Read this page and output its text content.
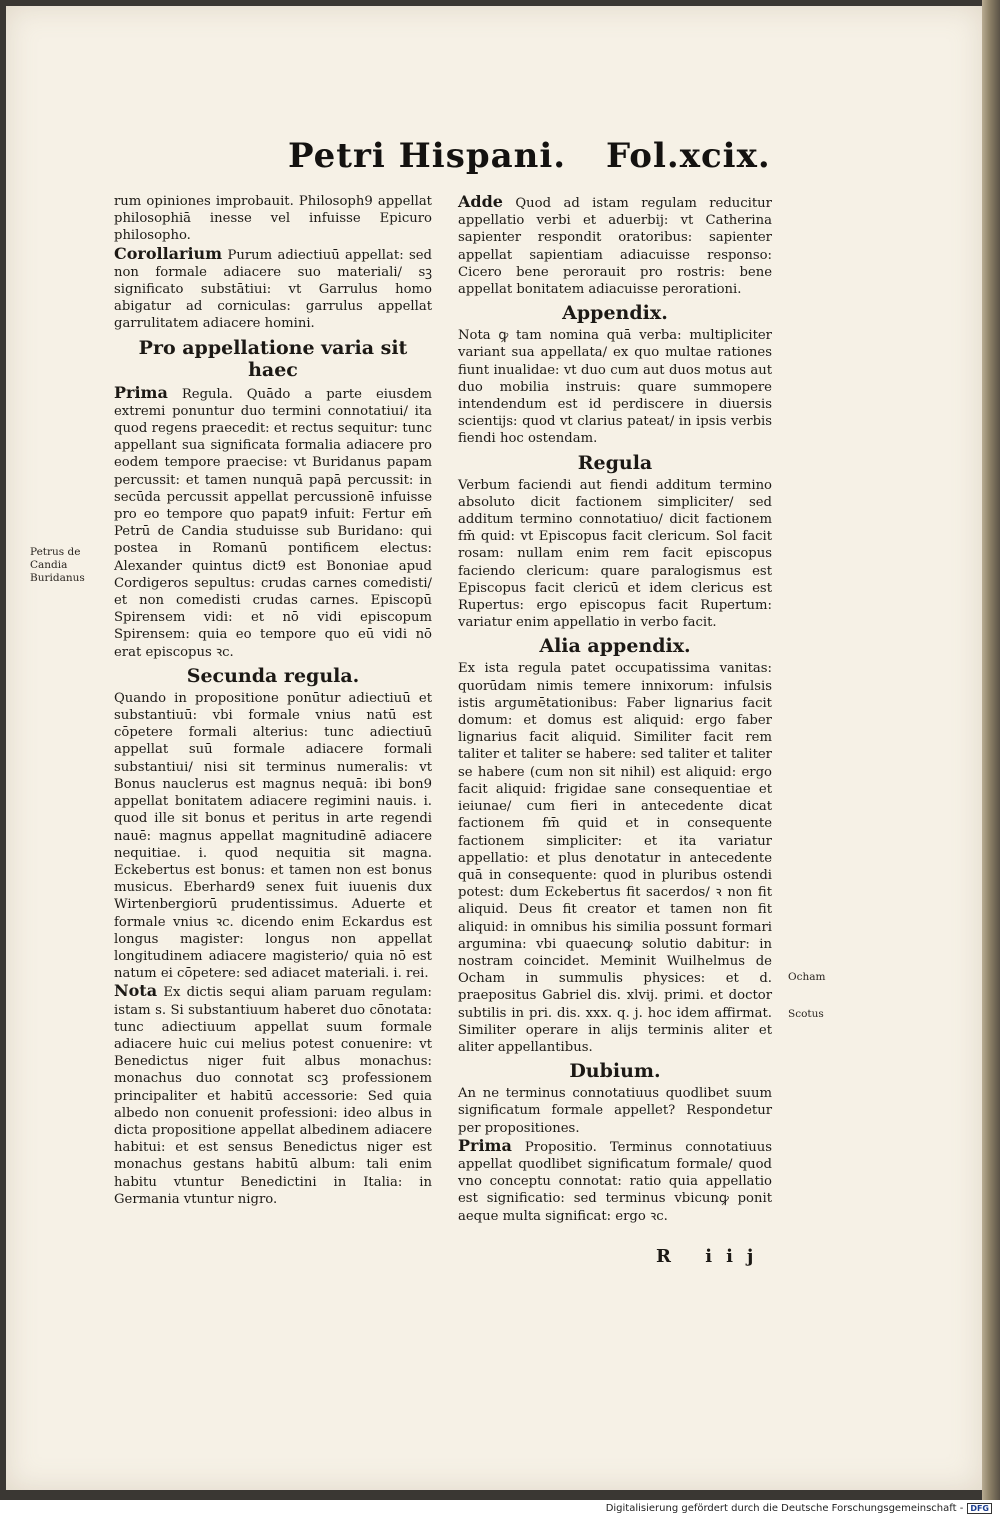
Petri Hispani. Fol.xcix.

rum opiniones improbauit. Philosoph9 appellat philosophiā inesse vel infuisse Epicuro philosopho.

Corollarium Purum adiectiuū appellat: sed non formale adiacere suo materiali/ sꝫ significato substātiui: vt Garrulus homo abigatur ad corniculas: garrulus appellat garrulitatem adiacere homini.

Pro appellatione varia sit haec

Prima Regula. Quādo a parte eiusdem extremi ponuntur duo termini connotatiui/ ita quod regens praecedit: et rectus sequitur: tunc appellant sua significata formalia adiacere pro eodem tempore praecise: vt Buridanus papam percussit: et tamen nunquā papā percussit: in secūda percussit appellat percussionē infuisse pro eo tempore quo papat9 infuit: Fertur em̄ Petrū de Candia studuisse sub Buridano: qui postea in Romanū pontificem electus: Alexander quintus dict9 est Bononiae apud Cordigeros sepultus: crudas carnes comedisti/ et non comedisti crudas carnes. Episcopū Spirensem vidi: et nō vidi episcopum Spirensem: quia eo tempore quo eū vidi nō erat episcopus ꝛc.

Secunda regula.

Quando in propositione ponūtur adiectiuū et substantiuū: vbi formale vnius natū est cōpetere formali alterius: tunc adiectiuū appellat suū formale adiacere formali substantiui/ nisi sit terminus numeralis: vt Bonus nauclerus est magnus nequā: ibi bon9 appellat bonitatem adiacere regimini nauis. i. quod ille sit bonus et peritus in arte regendi nauē: magnus appellat magnitudinē adiacere nequitiae. i. quod nequitia sit magna. Eckebertus est bonus: et tamen non est bonus musicus. Eberhard9 senex fuit iuuenis dux Wirtenbergiorū prudentissimus. Aduerte et formale vnius ꝛc. dicendo enim Eckardus est longus magister: longus non appellat longitudinem adiacere magisterio/ quia nō est natum ei cōpetere: sed adiacet materiali. i. rei.

Nota Ex dictis sequi aliam paruam regulam: istam s. Si substantiuum haberet duo cōnotata: tunc adiectiuum appellat suum formale adiacere huic cui melius potest conuenire: vt Benedictus niger fuit albus monachus: monachus duo connotat scꝫ professionem principaliter et habitū accessorie: Sed quia albedo non conuenit professioni: ideo albus in dicta propositione appellat albedinem adiacere habitui: et est sensus Benedictus niger est monachus gestans habitū album: tali enim habitu vtuntur Benedictini in Italia: in Germania vtuntur nigro.

Adde Quod ad istam regulam reducitur appellatio verbi et aduerbij: vt Catherina sapienter respondit oratoribus: sapienter appellat sapientiam adiacuisse responso: Cicero bene perorauit pro rostris: bene appellat bonitatem adiacuisse perorationi.

Appendix.

Nota ꝙ tam nomina quā verba: multipliciter variant sua appellata/ ex quo multae rationes fiunt inualidae: vt duo cum aut duos motus aut duo mobilia instruis: quare summopere intendendum est id perdiscere in diuersis scientijs: quod vt clarius pateat/ in ipsis verbis fiendi hoc ostendam.

Regula

Verbum faciendi aut fiendi additum termino absoluto dicit factionem simpliciter/ sed additum termino connotatiuo/ dicit factionem fm̄ quid: vt Episcopus facit clericum. Sol facit rosam: nullam enim rem facit episcopus faciendo clericum: quare paralogismus est Episcopus facit clericū et idem clericus est Rupertus: ergo episcopus facit Rupertum: variatur enim appellatio in verbo facit.

Alia appendix.

Ex ista regula patet occupatissima vanitas: quorūdam nimis temere innixorum: infulsis istis argumētationibus: Faber lignarius facit domum: et domus est aliquid: ergo faber lignarius facit aliquid. Similiter facit rem taliter et taliter se habere: sed taliter et taliter se habere (cum non sit nihil) est aliquid: ergo facit aliquid: frigidae sane consequentiae et ieiunae/ cum fieri in antecedente dicat factionem fm̄ quid et in consequente factionem simpliciter: et ita variatur appellatio: et plus denotatur in antecedente quā in consequente: quod in pluribus ostendi potest: dum Eckebertus fit sacerdos/ ꝛ non fit aliquid. Deus fit creator et tamen non fit aliquid: in omnibus his similia possunt formari argumina: vbi quaecunꝙ solutio dabitur: in nostram coincidet. Meminit Wuilhelmus de Ocham in summulis physices: et d. praepositus Gabriel dis. xlvij. primi. et doctor subtilis in pri. dis. xxx. q. j. hoc idem affirmat. Similiter operare in alijs terminis aliter et aliter appellantibus.

Dubium.

An ne terminus connotatiuus quodlibet suum significatum formale appellet? Respondetur per propositiones.

Prima Propositio. Terminus connotatiuus appellat quodlibet significatum formale/ quod vno conceptu connotat: ratio quia appellatio est significatio: sed terminus vbicunꝙ ponit aeque multa significat: ergo ꝛc.

Petrus de Candia Buridanus
Ocham
Scotus
R iij
Digitalisierung gefördert durch die Deutsche Forschungsgemeinschaft - DFG
